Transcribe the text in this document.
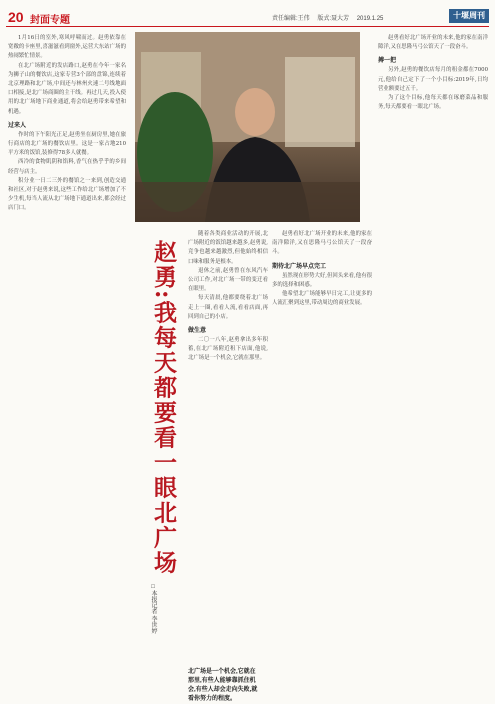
20 封面专题	责任编辑:王伟 版式:聂大芳 2019.1.25	十堰周刊

1月16日的室外,寒风呼啸而过。赵勇依靠在宽敞的卡座里,喜滋滋看到窗外,运营大东站广场的热闹繁忙情景。

在北广场附近的发店路口,赵勇在今年一家名为狮子山的餐饮店,这家专营3个部的盘锦,连续着北京理路和北广场,中间还与林州火速二号线地面口相接,是北广场商圈的主干线。再过几天,投入使用的北广场地下商业通道,将会给赵勇带来希望和机遇。

过来人

作时的下午阳光正足,赵勇坐在厨房里,她在旅行商店的北广场的餐饮店里。这是一家占地210平方米的饭馆,装修得78多人就餐。

西冷的食物肌阴和馅料,香气在热乎乎的乡间经营与店主。

积分业一日二三外的餐馆之一来到,创造交通和社区,对于赵勇来说,这些工作给北广场增加了不少生机,每当人流从北广场地下通道出来,都会经过店门口。

赵勇:我每天都要看一眼北广场
□本报记者 李世婷

随着各类商业活动的开展,北广场附近的饭馆越来越多,赵勇说,竞争也越来越激烈,但他始终相信口味和服务是根本。

退休之前,赵勇曾在东风汽车公司工作,对北广场一带的变迁看在眼里。

每天清晨,他都要绕着北广场走上一圈,看看人流,看看店面,再回到自己的小店。

做生意

二〇一八年,赵勇拿出多年积蓄,在北广场附近租下店面,他说,北广场是一个机会,它就在那里。

北广场是一个机会,它就在那里,有些人能够靠抓住机会,有些人却会走向失败,就看你努力的程度。

赵勇看好北广场开业的未来,他的家在南洋隙洋,又在思隆马弓公馆天了一段奋斗。

期待北广场早点完工

虽然现在形势大好,但回头来看,他有很多的选择和困惑。

他希望北广场能够早日完工,让更多的人流汇聚到这里,带动周边的商业发展。

赵勇看好北广场开业的未来,他的家在南洋隙洋,又在思隆马弓公馆天了一段奋斗。

搏一把

另外,赵勇的餐饮店每月的租金都在7000元,他给自己定下了一个小目标:2019年,日均营业额要过五千。

为了这个目标,他每天都在琢磨菜品和服务,每天都要看一眼北广场。
